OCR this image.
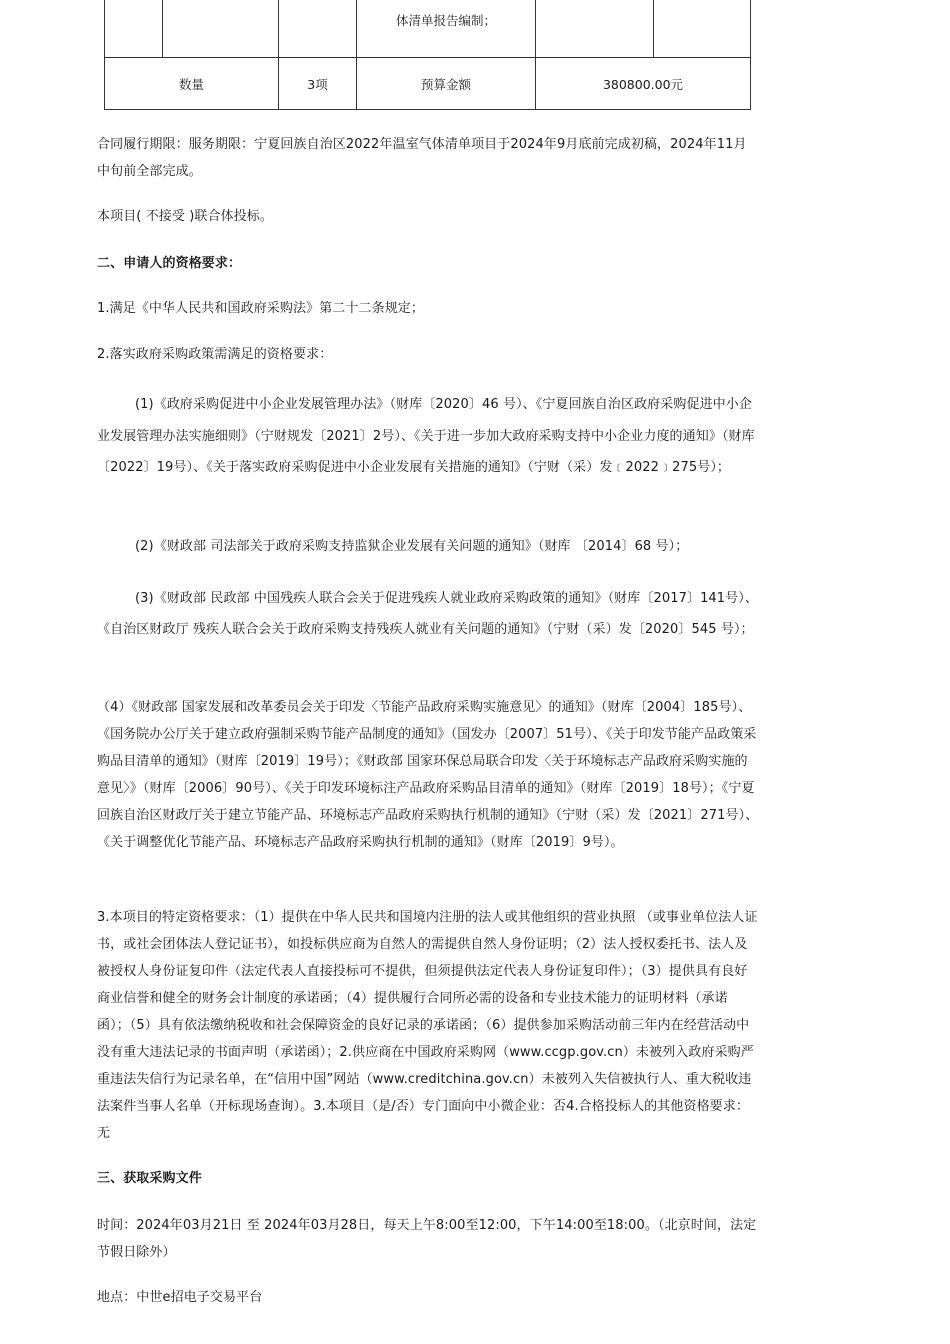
			体清单报告编制；		

数量		3项	预算金额	380800.00元	

合同履行期限：服务期限：宁夏回族自治区2022年温室气体清单项目于2024年9月底前完成初稿，2024年11月中旬前全部完成。

本项目( 不接受 )联合体投标。

二、申请人的资格要求：

1.满足《中华人民共和国政府采购法》第二十二条规定；

2.落实政府采购政策需满足的资格要求：

(1)《政府采购促进中小企业发展管理办法》（财库〔2020〕46 号）、《宁夏回族自治区政府采购促进中小企业发展管理办法实施细则》（宁财规发〔2021〕2号）、《关于进一步加大政府采购支持中小企业力度的通知》（财库〔2022〕19号）、《关于落实政府采购促进中小企业发展有关措施的通知》（宁财（采）发﹝2022﹞275号）；

(2)《财政部 司法部关于政府采购支持监狱企业发展有关问题的通知》（财库 〔2014〕68 号）；

(3)《财政部 民政部 中国残疾人联合会关于促进残疾人就业政府采购政策的通知》（财库〔2017〕141号）、《自治区财政厅 残疾人联合会关于政府采购支持残疾人就业有关问题的通知》（宁财（采）发〔2020〕545 号）；

（4）《财政部 国家发展和改革委员会关于印发〈节能产品政府采购实施意见〉的通知》（财库〔2004〕185号）、《国务院办公厅关于建立政府强制采购节能产品制度的通知》（国发办〔2007〕51号）、《关于印发节能产品政策采购品目清单的通知》（财库〔2019〕19号）；《财政部 国家环保总局联合印发〈关于环境标志产品政府采购实施的意见〉》（财库〔2006〕90号）、《关于印发环境标注产品政府采购品目清单的通知》（财库〔2019〕18号）；《宁夏回族自治区财政厅关于建立节能产品、环境标志产品政府采购执行机制的通知》（宁财（采）发〔2021〕271号）、《关于调整优化节能产品、环境标志产品政府采购执行机制的通知》（财库〔2019〕9号）。

3.本项目的特定资格要求：（1）提供在中华人民共和国境内注册的法人或其他组织的营业执照 （或事业单位法人证书，或社会团体法人登记证书），如投标供应商为自然人的需提供自然人身份证明；（2）法人授权委托书、法人及被授权人身份证复印件（法定代表人直接投标可不提供，但须提供法定代表人身份证复印件）；（3）提供具有良好商业信誉和健全的财务会计制度的承诺函；（4）提供履行合同所必需的设备和专业技术能力的证明材料（承诺函）；（5）具有依法缴纳税收和社会保障资金的良好记录的承诺函；（6）提供参加采购活动前三年内在经营活动中没有重大违法记录的书面声明（承诺函）；2.供应商在中国政府采购网（www.ccgp.gov.cn）未被列入政府采购严重违法失信行为记录名单，在“信用中国”网站（www.creditchina.gov.cn）未被列入失信被执行人、重大税收违法案件当事人名单（开标现场查询）。3.本项目（是/否）专门面向中小微企业：否4.合格投标人的其他资格要求：无

三、获取采购文件

时间：2024年03月21日 至 2024年03月28日，每天上午8:00至12:00，下午14:00至18:00。（北京时间，法定节假日除外）

地点：中世e招电子交易平台
